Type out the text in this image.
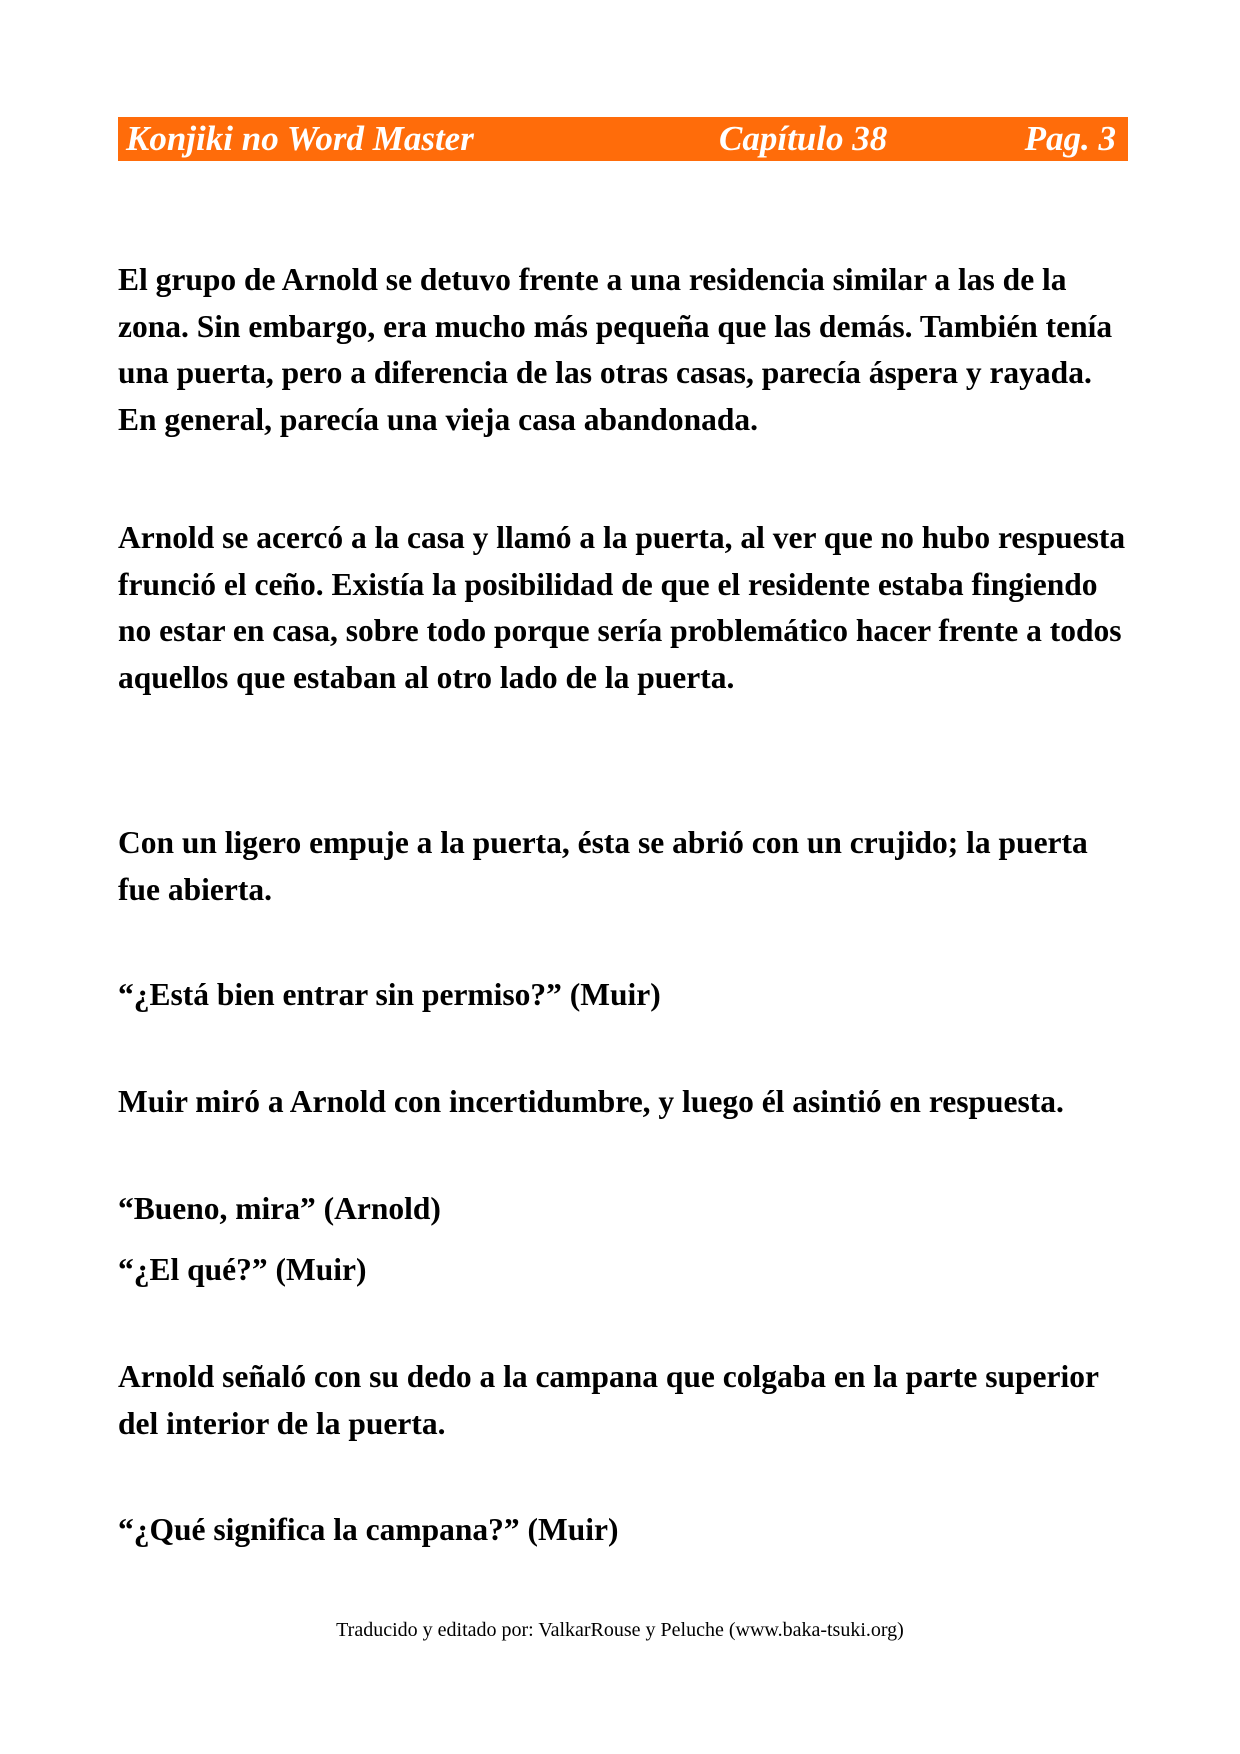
Konjiki no Word Master	Capítulo 38	Pag. 3

El grupo de Arnold se detuvo frente a una residencia similar a las de la zona. Sin embargo, era mucho más pequeña que las demás. También tenía una puerta, pero a diferencia de las otras casas, parecía áspera y rayada. En general, parecía una vieja casa abandonada.

Arnold se acercó a la casa y llamó a la puerta, al ver que no hubo respuesta frunció el ceño. Existía la posibilidad de que el residente estaba fingiendo no estar en casa, sobre todo porque sería problemático hacer frente a todos aquellos que estaban al otro lado de la puerta.

Con un ligero empuje a la puerta, ésta se abrió con un crujido; la puerta fue abierta.

“¿Está bien entrar sin permiso?” (Muir)

Muir miró a Arnold con incertidumbre, y luego él asintió en respuesta.

“Bueno, mira” (Arnold)

“¿El qué?” (Muir)

Arnold señaló con su dedo a la campana que colgaba en la parte superior del interior de la puerta.

“¿Qué significa la campana?” (Muir)

Traducido y editado por: ValkarRouse y Peluche (www.baka-tsuki.org)
